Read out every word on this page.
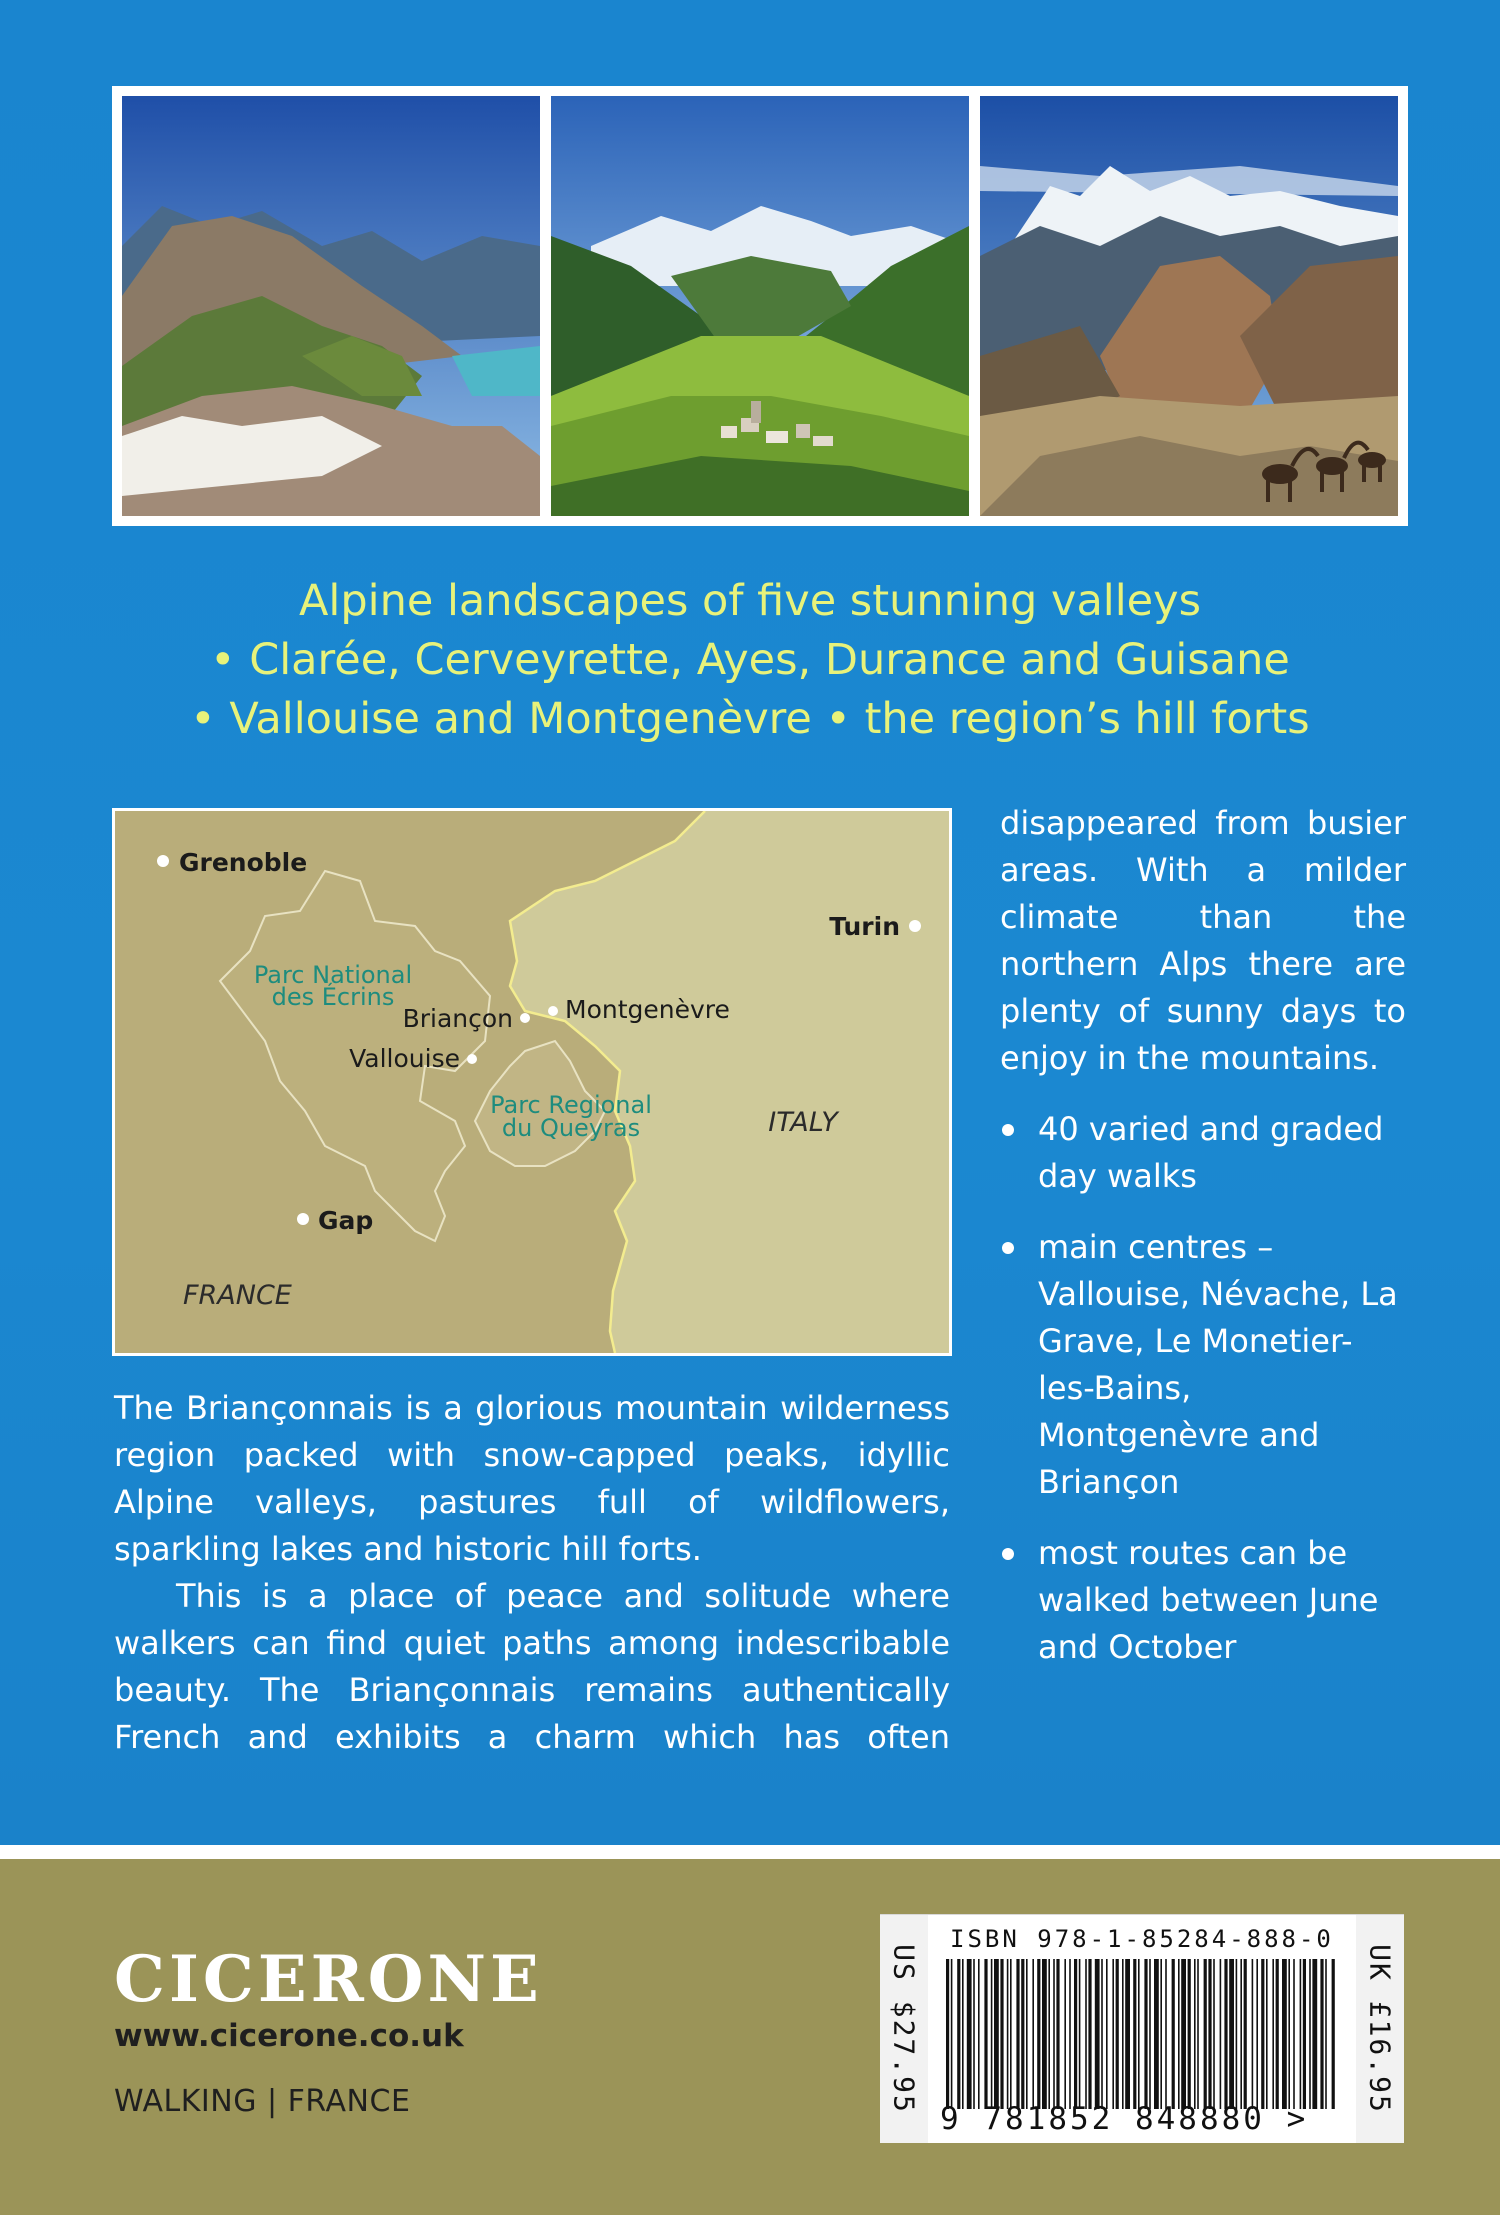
Alpine landscapes of five stunning valleys
• Clarée, Cerveyrette, Ayes, Durance and Guisane
• Vallouise and Montgenèvre • the region’s hill forts
Grenoble
Turin
Parc National
des Écrins
Briançon Montgenèvre
Vallouise
Parc Regional
du Queyras	ITALY
Gap
FRANCE

disappeared from busier areas. With a milder climate than the northern Alps there are plenty of sunny days to enjoy in the mountains.

40 varied and graded day walks
main centres – Vallouise, Névache, La Grave, Le Monetier-les-Bains, Montgenèvre and Briançon
most routes can be walked between June and October

The Briançonnais is a glorious mountain wilderness region packed with snow-capped peaks, idyllic Alpine valleys, pastures full of wildflowers, sparkling lakes and historic hill forts.

This is a place of peace and solitude where walkers can find quiet paths among indescribable beauty. The Briançonnais remains authentically French and exhibits a charm which has often

CICERONE
www.cicerone.co.uk
WALKING | FRANCE	US $27.95	UK £16.95
ISBN 978-1-85284-888-0
9 781852 848880 >
